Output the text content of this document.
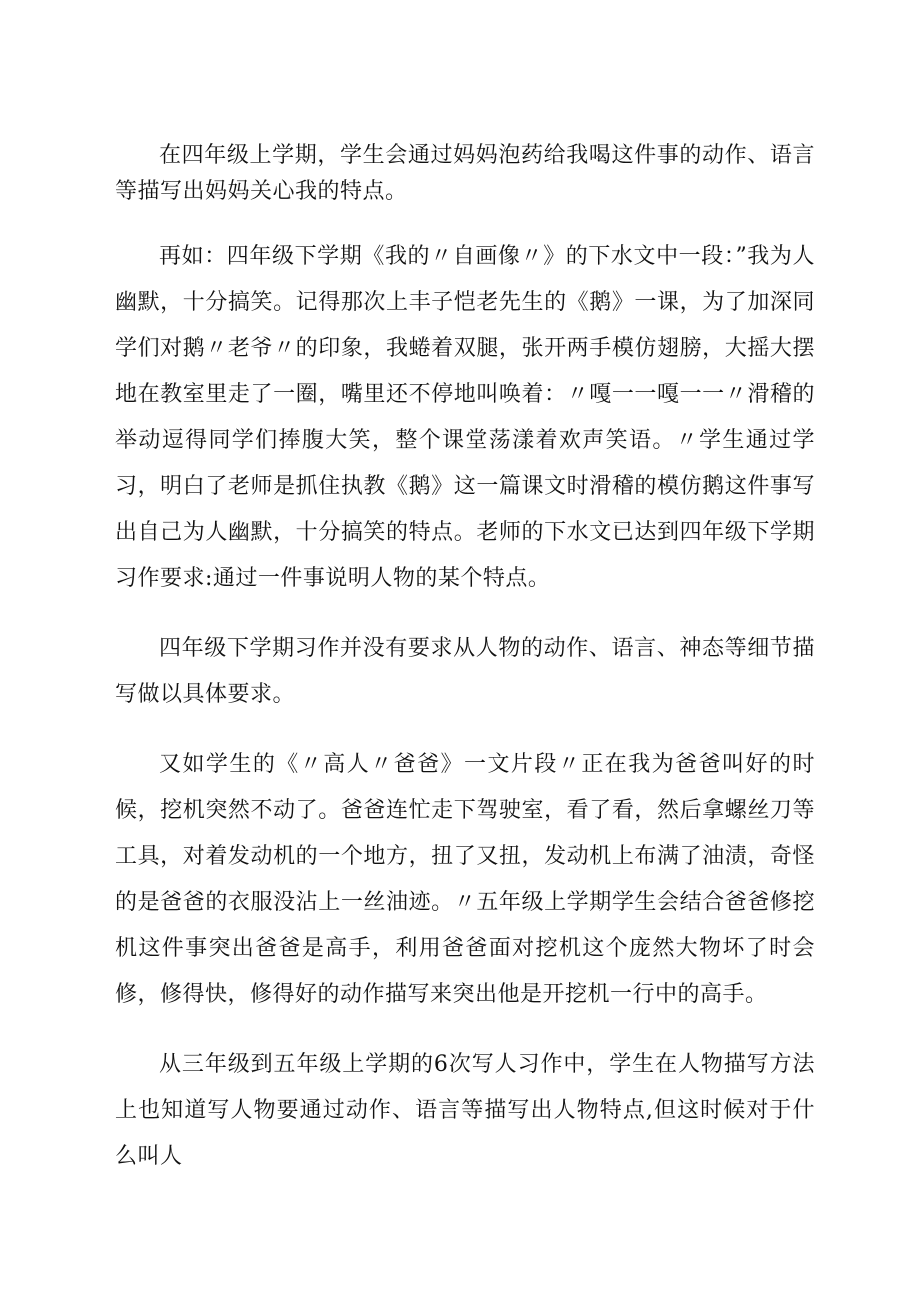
在四年级上学期，学生会通过妈妈泡药给我喝这件事的动作、语言等描写出妈妈关心我的特点。

再如：四年级下学期《我的〃自画像〃》的下水文中一段：”我为人幽默，十分搞笑。记得那次上丰子恺老先生的《鹅》一课，为了加深同学们对鹅〃老爷〃的印象，我蜷着双腿，张开两手模仿翅膀，大摇大摆地在教室里走了一圈，嘴里还不停地叫唤着：〃嘎一一嘎一一〃滑稽的举动逗得同学们捧腹大笑，整个课堂荡漾着欢声笑语。〃学生通过学习，明白了老师是抓住执教《鹅》这一篇课文时滑稽的模仿鹅这件事写出自己为人幽默，十分搞笑的特点。老师的下水文已达到四年级下学期习作要求:通过一件事说明人物的某个特点。

四年级下学期习作并没有要求从人物的动作、语言、神态等细节描写做以具体要求。

又如学生的《〃高人〃爸爸》一文片段〃正在我为爸爸叫好的时候，挖机突然不动了。爸爸连忙走下驾驶室，看了看，然后拿螺丝刀等工具，对着发动机的一个地方，扭了又扭，发动机上布满了油渍，奇怪的是爸爸的衣服没沾上一丝油迹。〃五年级上学期学生会结合爸爸修挖机这件事突出爸爸是高手，利用爸爸面对挖机这个庞然大物坏了时会修，修得快，修得好的动作描写来突出他是开挖机一行中的高手。

从三年级到五年级上学期的6次写人习作中，学生在人物描写方法上也知道写人物要通过动作、语言等描写出人物特点,但这时候对于什么叫人
